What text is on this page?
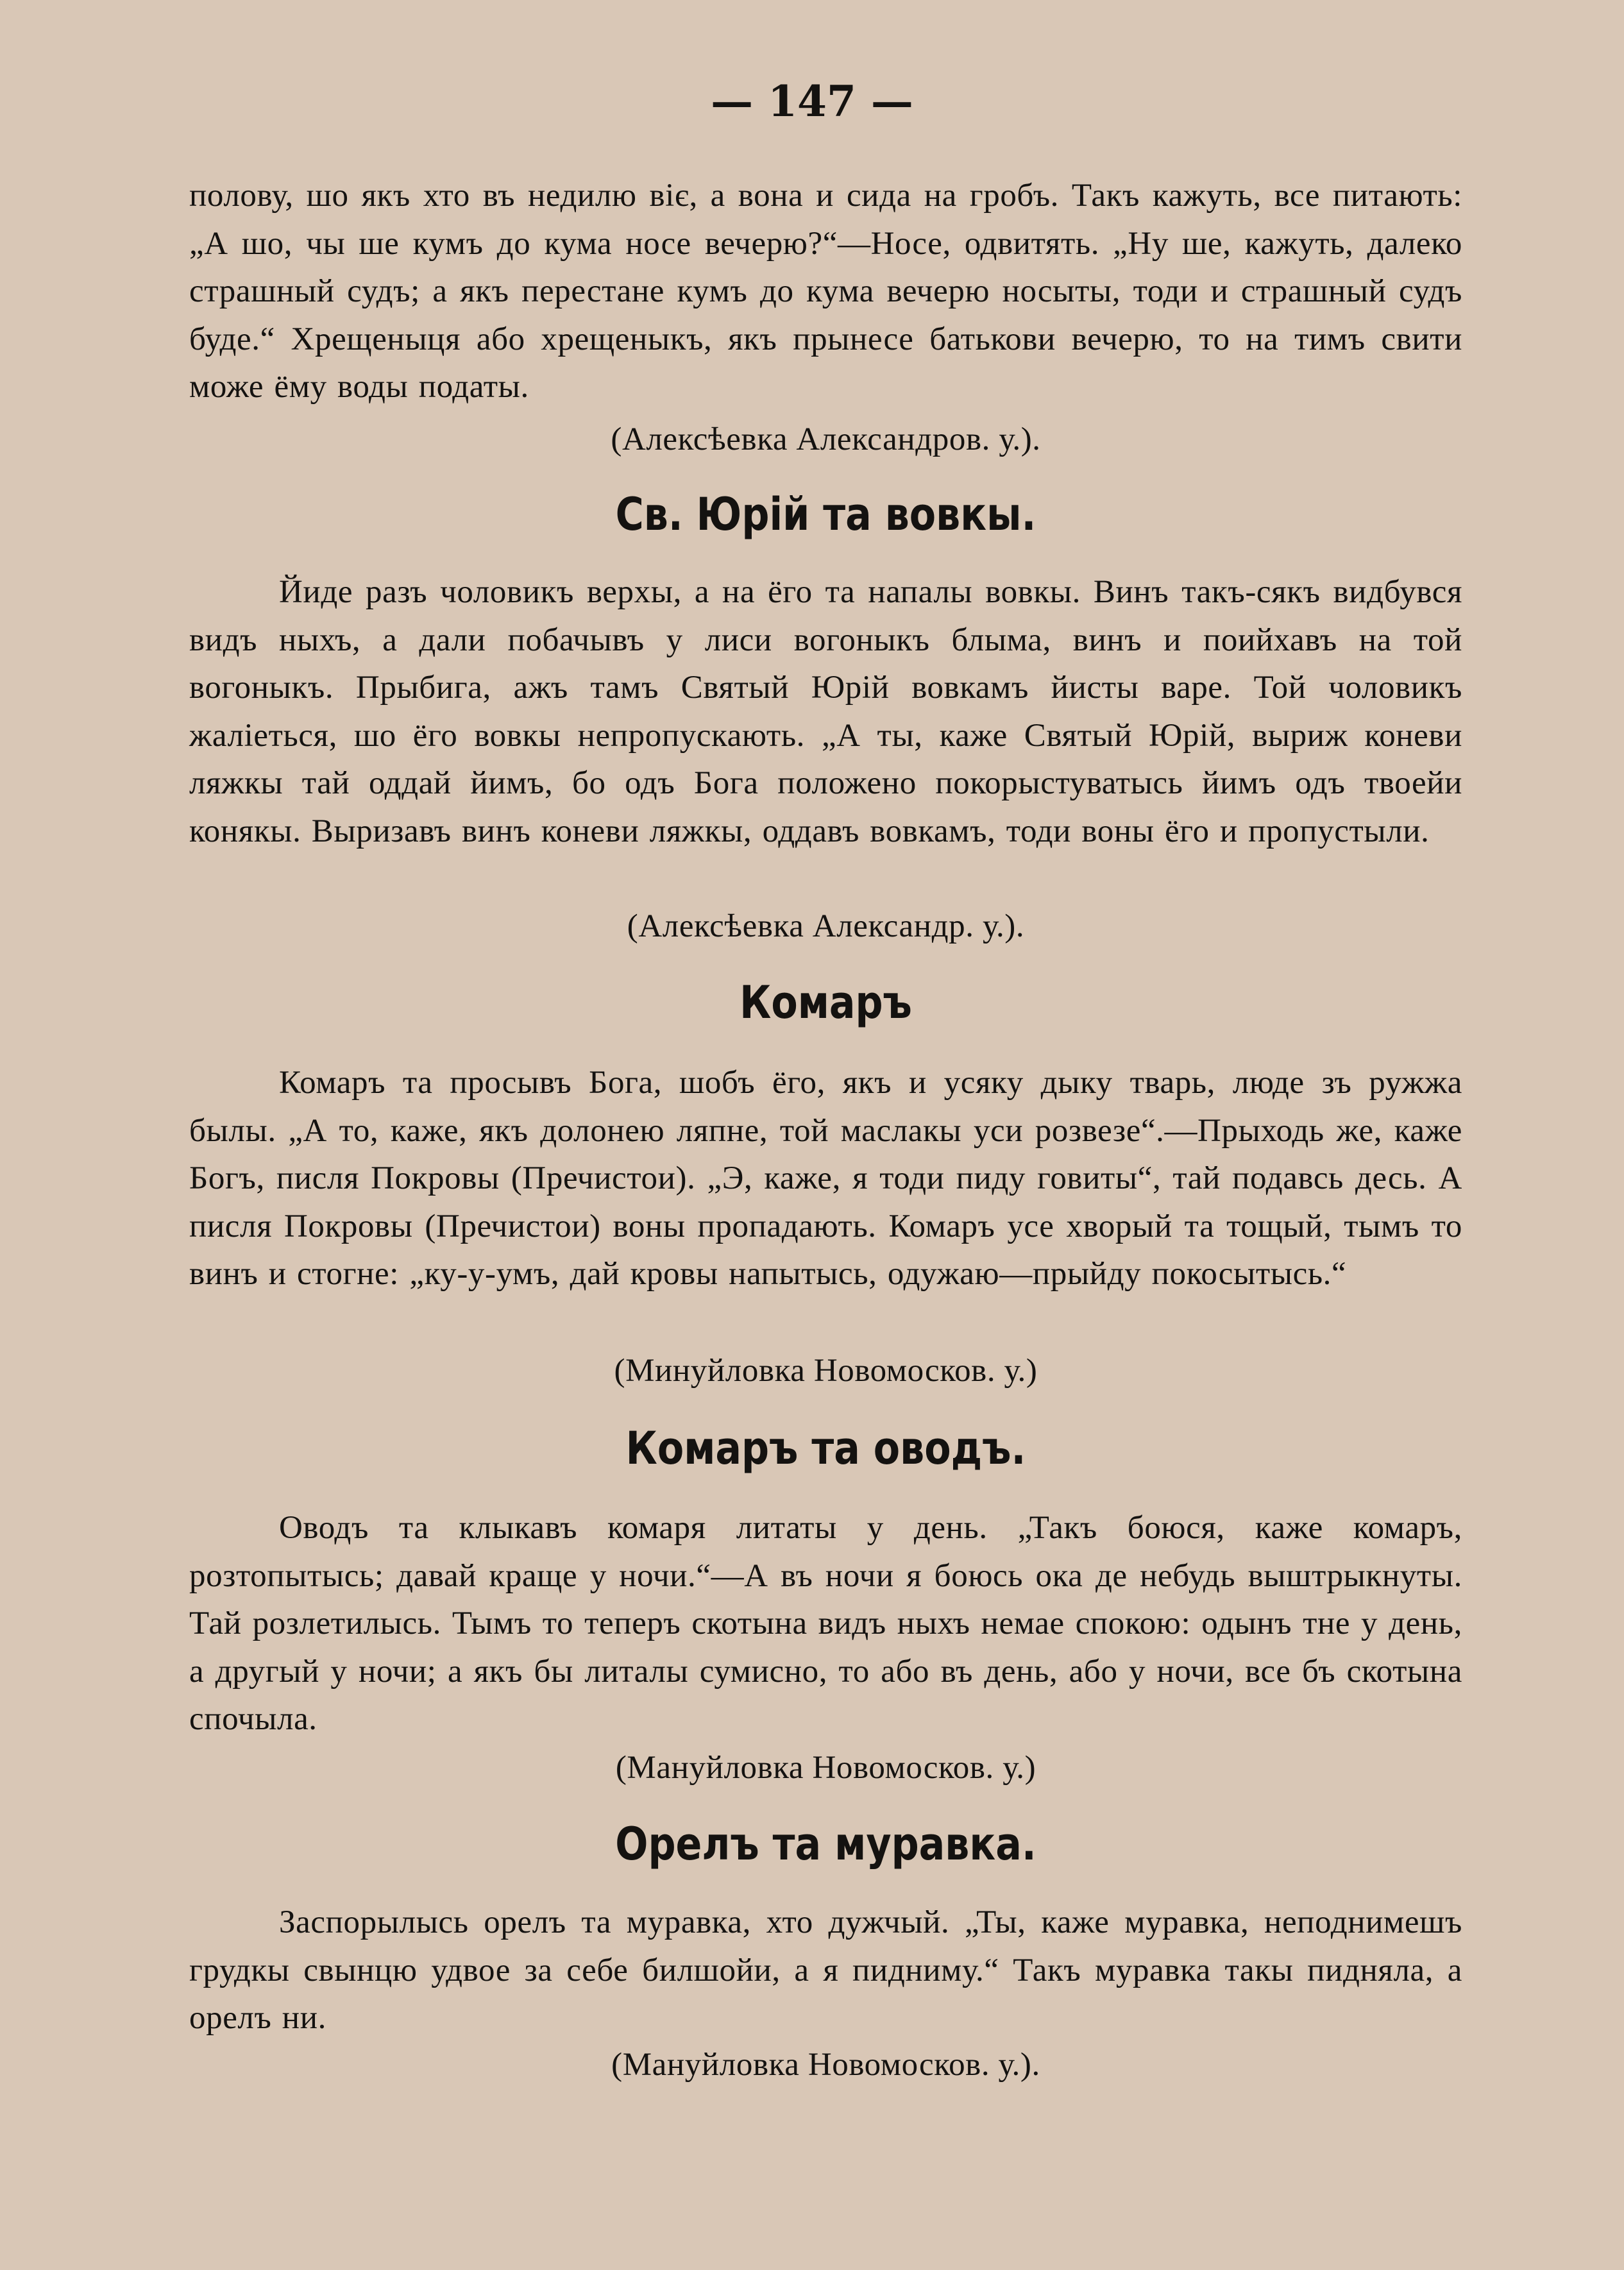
— 147 —

полову, шо якъ хто въ недилю віє, а вона и сида на гробъ. Такъ кажуть, все питають: „А шо, чы ше кумъ до кума носе вечерю?“—Носе, одвитять. „Ну ше, кажуть, далеко страшный судъ; а якъ перестане кумъ до кума вечерю носыты, тоди и страшный судъ буде.“ Хрещеныця або хрещеныкъ, якъ прынесе батькови вечерю, то на тимъ свити може ёму воды податы.

(Алексѣевка Александров. у.).

Св. Юрій та вовкы.

Йиде разъ чоловикъ верхы, а на ёго та напалы вовкы. Винъ такъ-сякъ видбувся видъ ныхъ, а дали побачывъ у лиси вогоныкъ блыма, винъ и поийхавъ на той вогоныкъ. Прыбига, ажъ тамъ Святый Юрій вовкамъ йисты варе. Той чоловикъ жаліеться, шо ёго вовкы непропускають. „А ты, каже Святый Юрій, выриж коневи ляжкы тай оддай йимъ, бо одъ Бога положено покорыстуватысь йимъ одъ твоейи конякы. Выризавъ винъ коневи ляжкы, оддавъ вовкамъ, тоди воны ёго и пропустыли.

(Алексѣевка Александр. у.).

Комаръ

Комаръ та просывъ Бога, шобъ ёго, якъ и усяку дыку тварь, люде зъ ружжа былы. „А то, каже, якъ долонею ляпне, той маслакы уси розвезе“.—Прыходь же, каже Богъ, писля Покровы (Пречистои). „Э, каже, я тоди пиду говиты“, тай подавсь десь. А писля Покровы (Пречистои) воны пропадають. Комаръ усе хворый та тощый, тымъ то винъ и стогне: „ку-у-умъ, дай кровы напытысь, одужаю—прыйду покосытысь.“

(Минуйловка Новомосков. у.)

Комаръ та оводъ.

Оводъ та клыкавъ комаря литаты у день. „Такъ боюся, каже комаръ, розтопытысь; давай краще у ночи.“—А въ ночи я боюсь ока де небудь выштрыкнуты. Тай розлетилысь. Тымъ то теперъ скотына видъ ныхъ немае спокою: одынъ тне у день, а другый у ночи; а якъ бы литалы сумисно, то або въ день, або у ночи, все бъ скотына спочыла.

(Мануйловка Новомосков. у.)

Орелъ та муравка.

Заспорылысь орелъ та муравка, хто дужчый. „Ты, каже муравка, неподнимешъ грудкы свынцю удвое за себе билшойи, а я пидниму.“ Такъ муравка такы пидняла, а орелъ ни.

(Мануйловка Новомосков. у.).
